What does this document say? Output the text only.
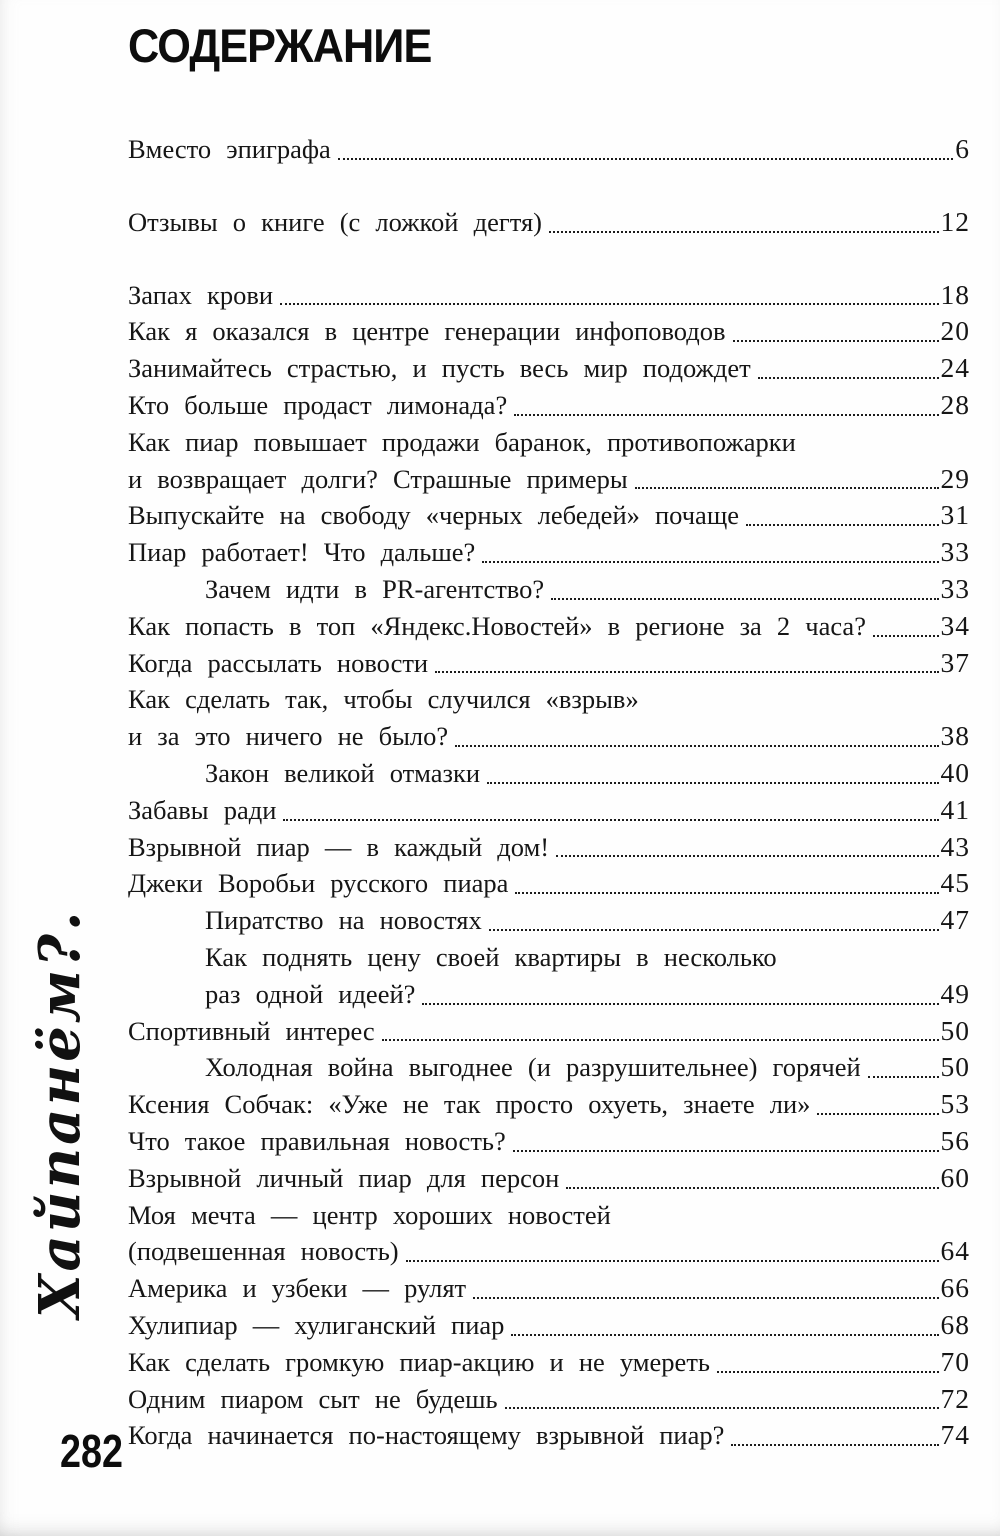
СОДЕРЖАНИЕ
Вместо эпиграфа	6
Отзывы о книге (с ложкой дегтя)	12
Запах крови	18
Как я оказался в центре генерации инфоповодов	20
Занимайтесь страстью, и пусть весь мир подождет	24
Кто больше продаст лимонада?	28
Как пиар повышает продажи баранок, противопожарки
и возвращает долги? Страшные примеры	29
Выпускайте на свободу «черных лебедей» почаще	31
Пиар работает! Что дальше?	33
Зачем идти в PR-агентство?	33
Как попасть в топ «Яндекс.Новостей» в регионе за 2 часа?	34
Когда рассылать новости	37
Как сделать так, чтобы случился «взрыв»
и за это ничего не было?	38
Закон великой отмазки	40
Забавы ради	41
Взрывной пиар — в каждый дом!	43
Джеки Воробьи русского пиара	45
Пиратство на новостях	47
Как поднять цену своей квартиры в несколько
раз одной идеей?	49
Спортивный интерес	50
Холодная война выгоднее (и разрушительнее) горячей	50
Ксения Собчак: «Уже не так просто охуеть, знаете ли»	53
Что такое правильная новость?	56
Взрывной личный пиар для персон	60
Моя мечта — центр хороших новостей
(подвешенная новость)	64
Америка и узбеки — рулят	66
Хулипиар — хулиганский пиар	68
Как сделать громкую пиар-акцию и не умереть	70
Одним пиаром сыт не будешь	72
Когда начинается по-настоящему взрывной пиар?	74
Хайпанём?.
282
